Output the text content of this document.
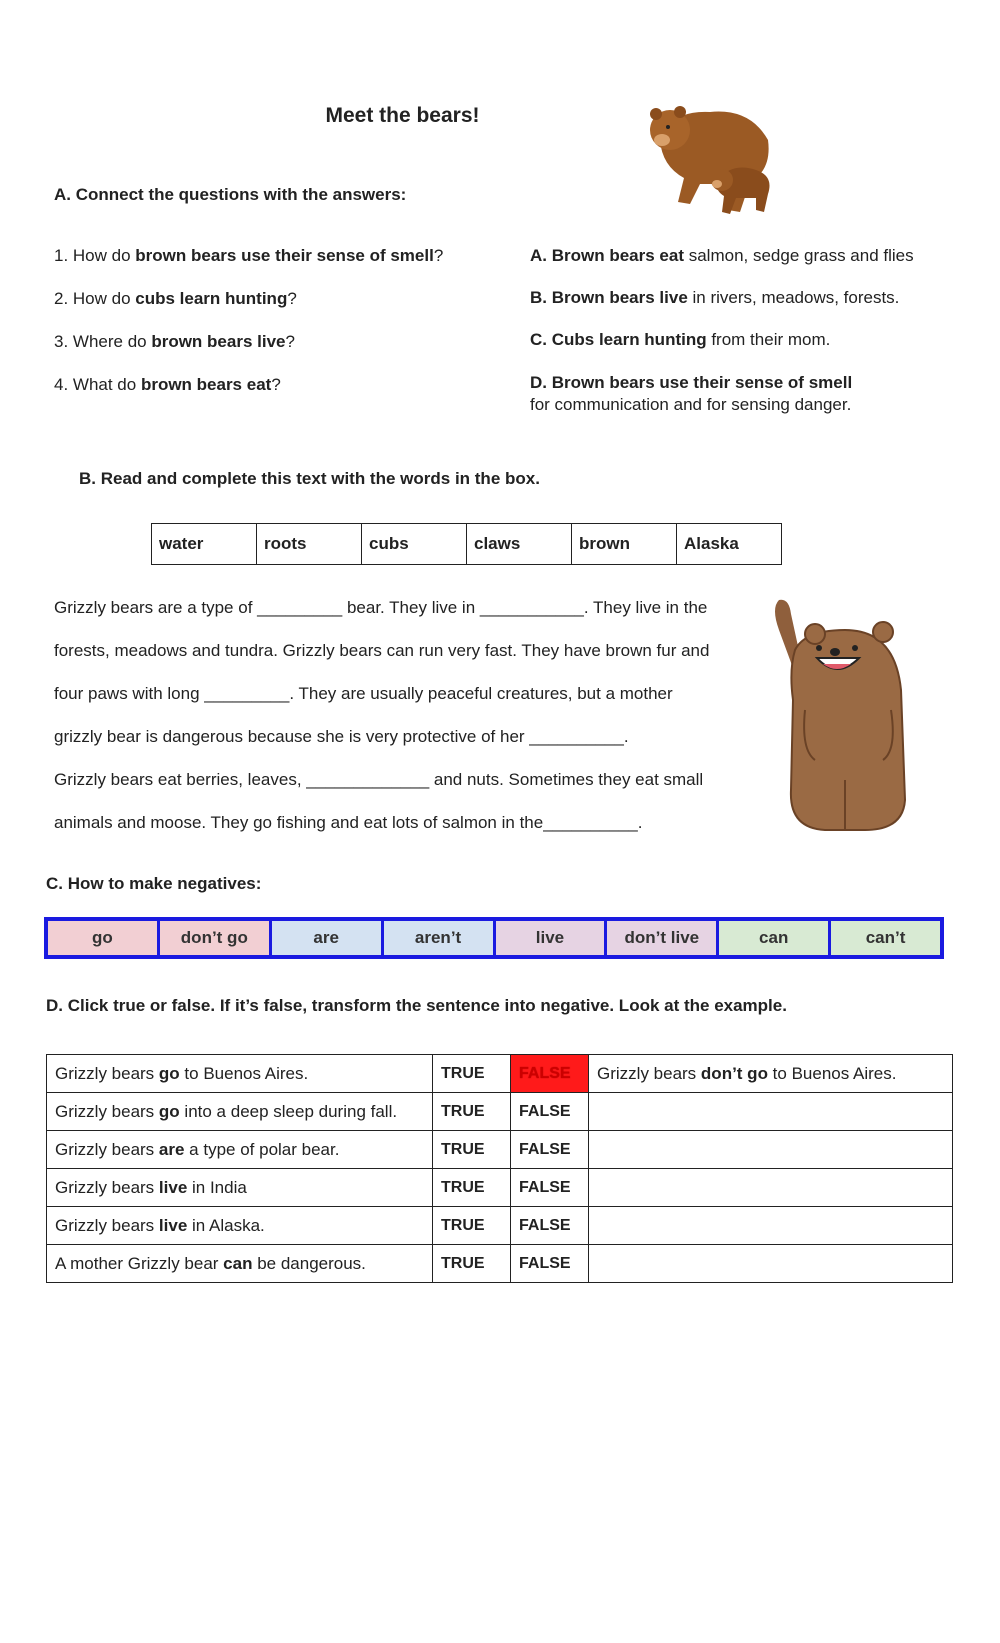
Meet the bears!
A. Connect the questions with the answers:
1. How do brown bears use their sense of smell?
2. How do cubs learn hunting?
3. Where do brown bears live?
4. What do brown bears eat?
A. Brown bears eat salmon, sedge grass and flies
B. Brown bears live in rivers, meadows, forests.
C. Cubs learn hunting from their mom.
D. Brown bears use their sense of smell
for communication and for sensing danger.
B. Read and complete this text with the words in the box.
water	roots	cubs	claws	brown	Alaska

Grizzly bears are a type of _________ bear. They live in ___________. They live in the

forests, meadows and tundra. Grizzly bears can run very fast. They have brown fur and

four paws with long _________. They are usually peaceful creatures, but a mother

grizzly bear is dangerous because she is very protective of her __________.

Grizzly bears eat berries, leaves, _____________ and nuts. Sometimes they eat small

animals and moose. They go fishing and eat lots of salmon in the__________.

C. How to make negatives:
go	don’t go	are	aren’t	live	don’t live	can	can’t
D. Click true or false. If it’s false, transform the sentence into negative. Look at the example.
Grizzly bears go to Buenos Aires.	TRUE	FALSE	Grizzly bears don’t go to Buenos Aires.
Grizzly bears go into a deep sleep during fall.	TRUE	FALSE	
Grizzly bears are a type of polar bear.	TRUE	FALSE	
Grizzly bears live in India	TRUE	FALSE	
Grizzly bears live in Alaska.	TRUE	FALSE	
A mother Grizzly bear can be dangerous.	TRUE	FALSE	
